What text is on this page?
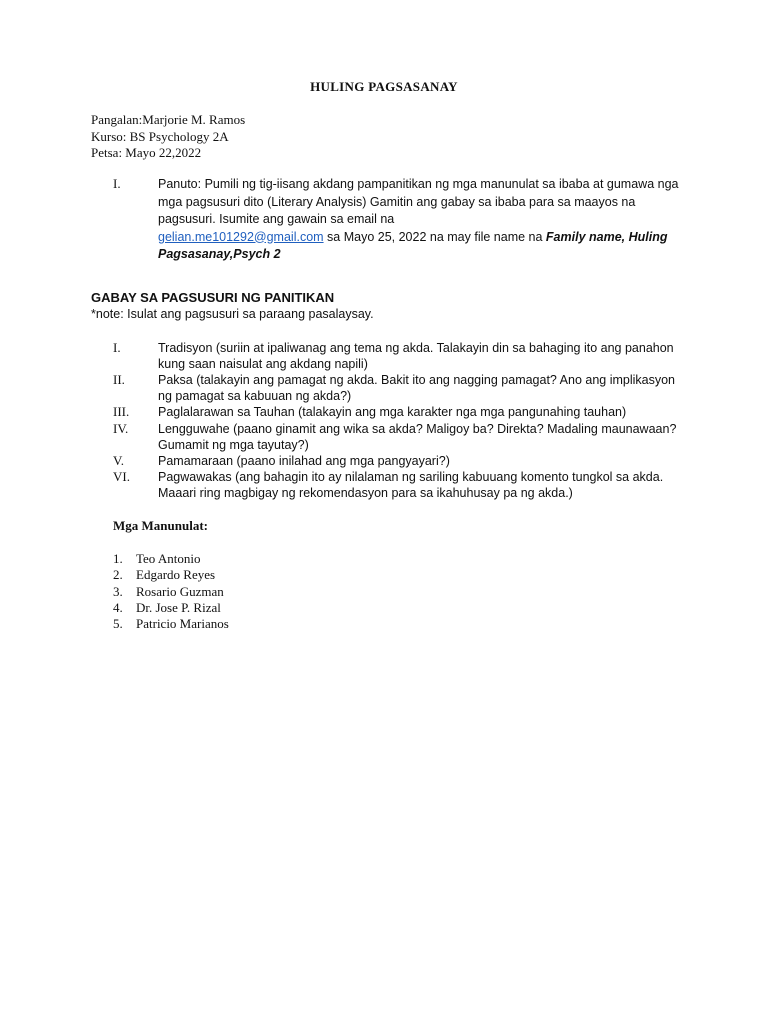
HULING PAGSASANAY
Pangalan:Marjorie M. Ramos
Kurso: BS Psychology 2A
Petsa: Mayo 22,2022
I.	Panuto: Pumili ng tig-iisang akdang pampanitikan ng mga manunulat sa ibaba at gumawa nga mga pagsusuri dito (Literary Analysis) Gamitin ang gabay sa ibaba para sa maayos na pagsusuri. Isumite ang gawain sa email na
gelian.me101292@gmail.com sa Mayo 25, 2022 na may file name na Family name, Huling Pagsasanay,Psych 2
GABAY SA PAGSUSURI NG PANITIKAN
*note: Isulat ang pagsusuri sa paraang pasalaysay.
I.	Tradisyon (suriin at ipaliwanag ang tema ng akda. Talakayin din sa bahaging ito ang panahon kung saan naisulat ang akdang napili)
II.	Paksa (talakayin ang pamagat ng akda. Bakit ito ang nagging pamagat? Ano ang implikasyon ng pamagat sa kabuuan ng akda?)
III.	Paglalarawan sa Tauhan (talakayin ang mga karakter nga mga pangunahing tauhan)
IV.	Lengguwahe (paano ginamit ang wika sa akda? Maligoy ba? Direkta? Madaling maunawaan? Gumamit ng mga tayutay?)
V.	Pamamaraan (paano inilahad ang mga pangyayari?)
VI.	Pagwawakas (ang bahagin ito ay nilalaman ng sariling kabuuang komento tungkol sa akda. Maaari ring magbigay ng rekomendasyon para sa ikahuhusay pa ng akda.)
Mga Manunulat:
1.	Teo Antonio
2.	Edgardo Reyes
3.	Rosario Guzman
4.	Dr. Jose P. Rizal
5.	Patricio Marianos
